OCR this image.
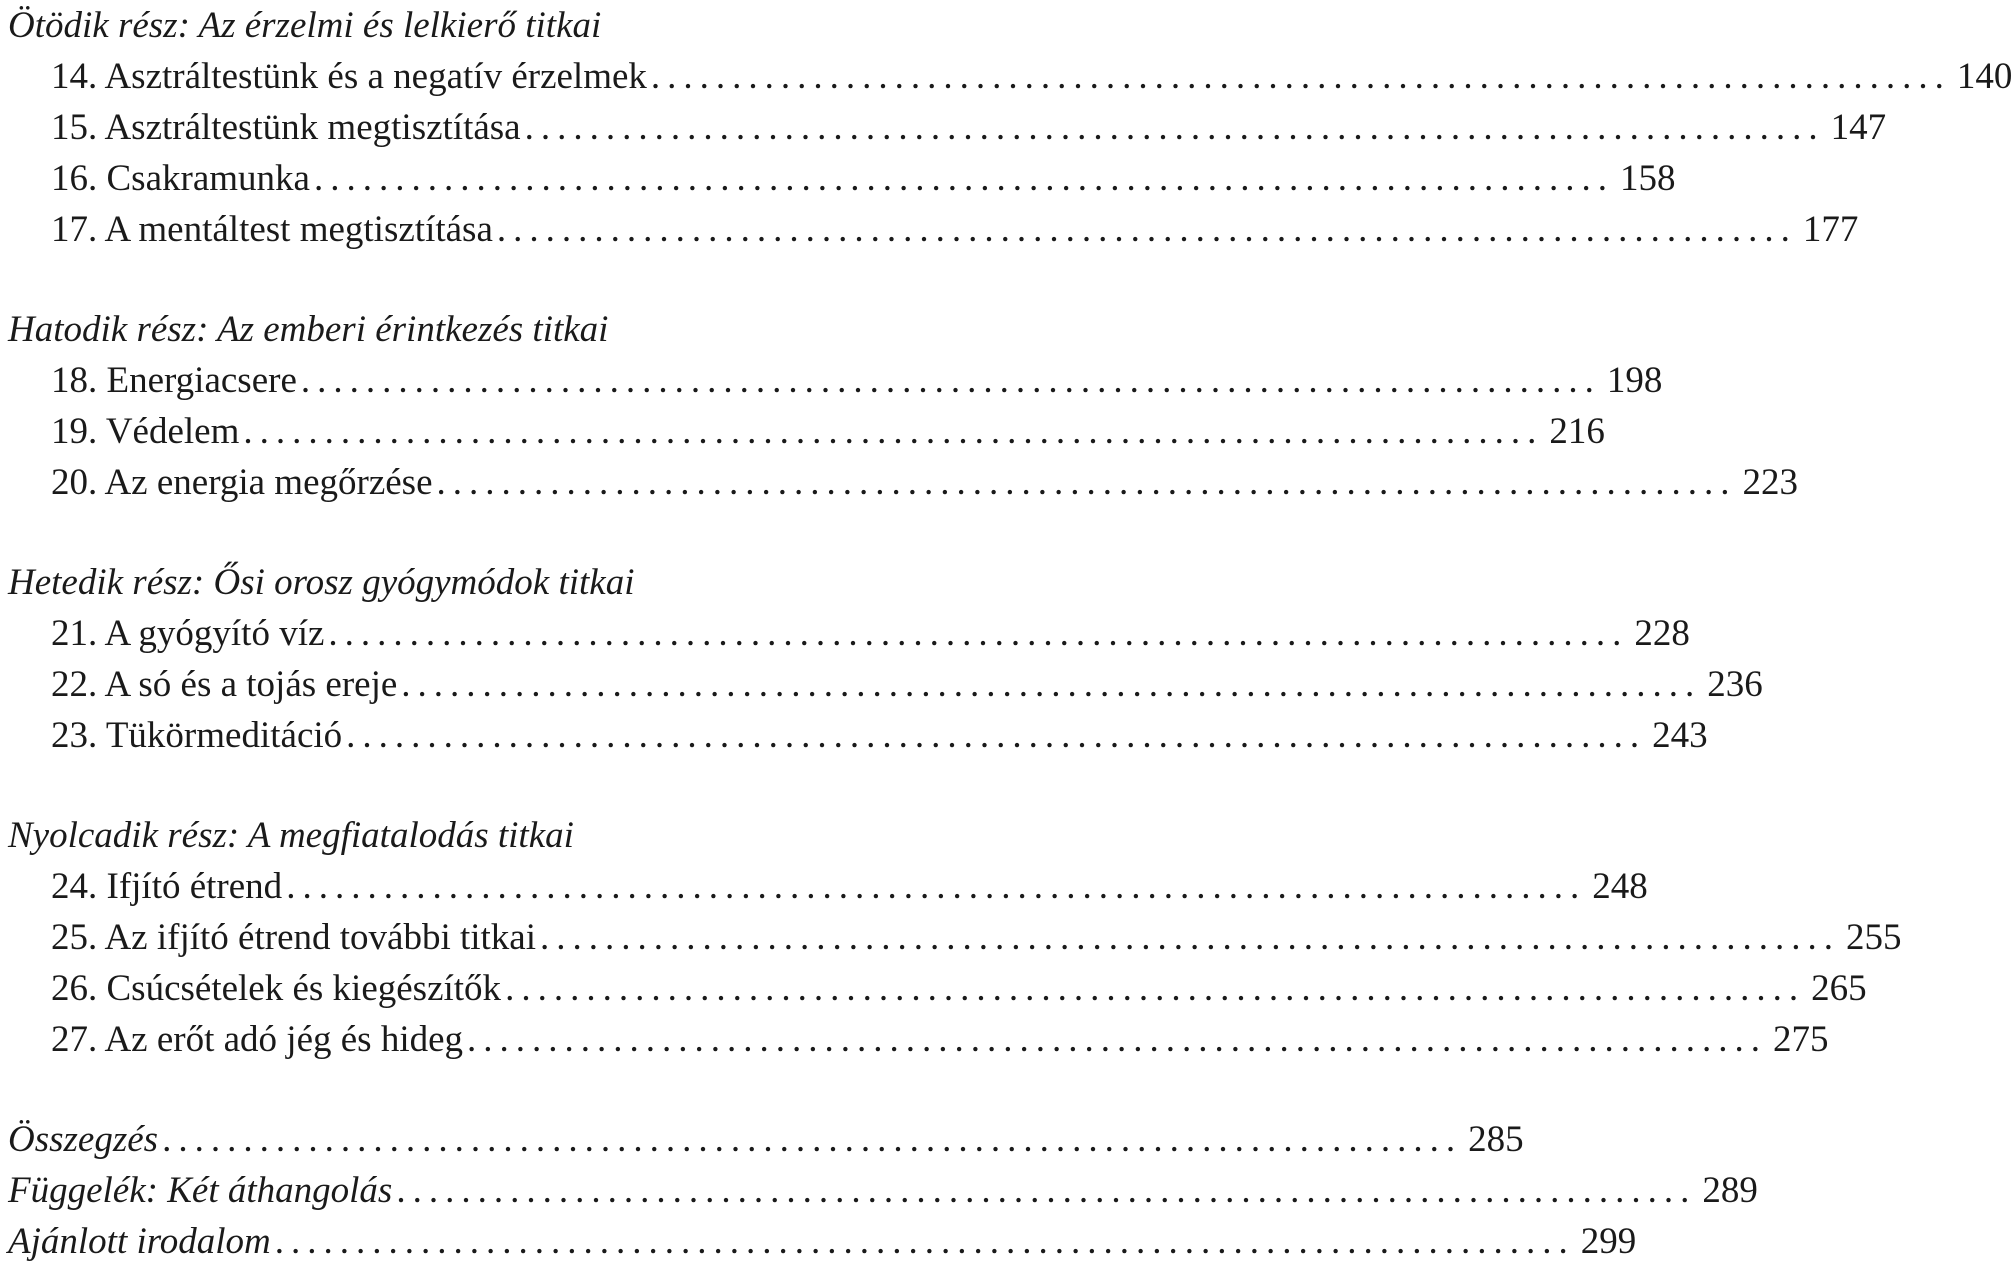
Ötödik rész: Az érzelmi és lelkierő titkai
14. Asztráltestünk és a negatív érzelmek ................................................................................ 140
15. Asztráltestünk megtisztítása ................................................................................ 147
16. Csakramunka ................................................................................ 158
17. A mentáltest megtisztítása ................................................................................ 177
Hatodik rész: Az emberi érintkezés titkai
18. Energiacsere ................................................................................ 198
19. Védelem ................................................................................ 216
20. Az energia megőrzése ................................................................................ 223
Hetedik rész: Ősi orosz gyógymódok titkai
21. A gyógyító víz ................................................................................ 228
22. A só és a tojás ereje ................................................................................ 236
23. Tükörmeditáció ................................................................................ 243
Nyolcadik rész: A megfiatalodás titkai
24. Ifjító étrend ................................................................................ 248
25. Az ifjító étrend további titkai ................................................................................ 255
26. Csúcsételek és kiegészítők ................................................................................ 265
27. Az erőt adó jég és hideg ................................................................................ 275
Összegzés ................................................................................ 285
Függelék: Két áthangolás ................................................................................ 289
Ajánlott irodalom ................................................................................ 299
